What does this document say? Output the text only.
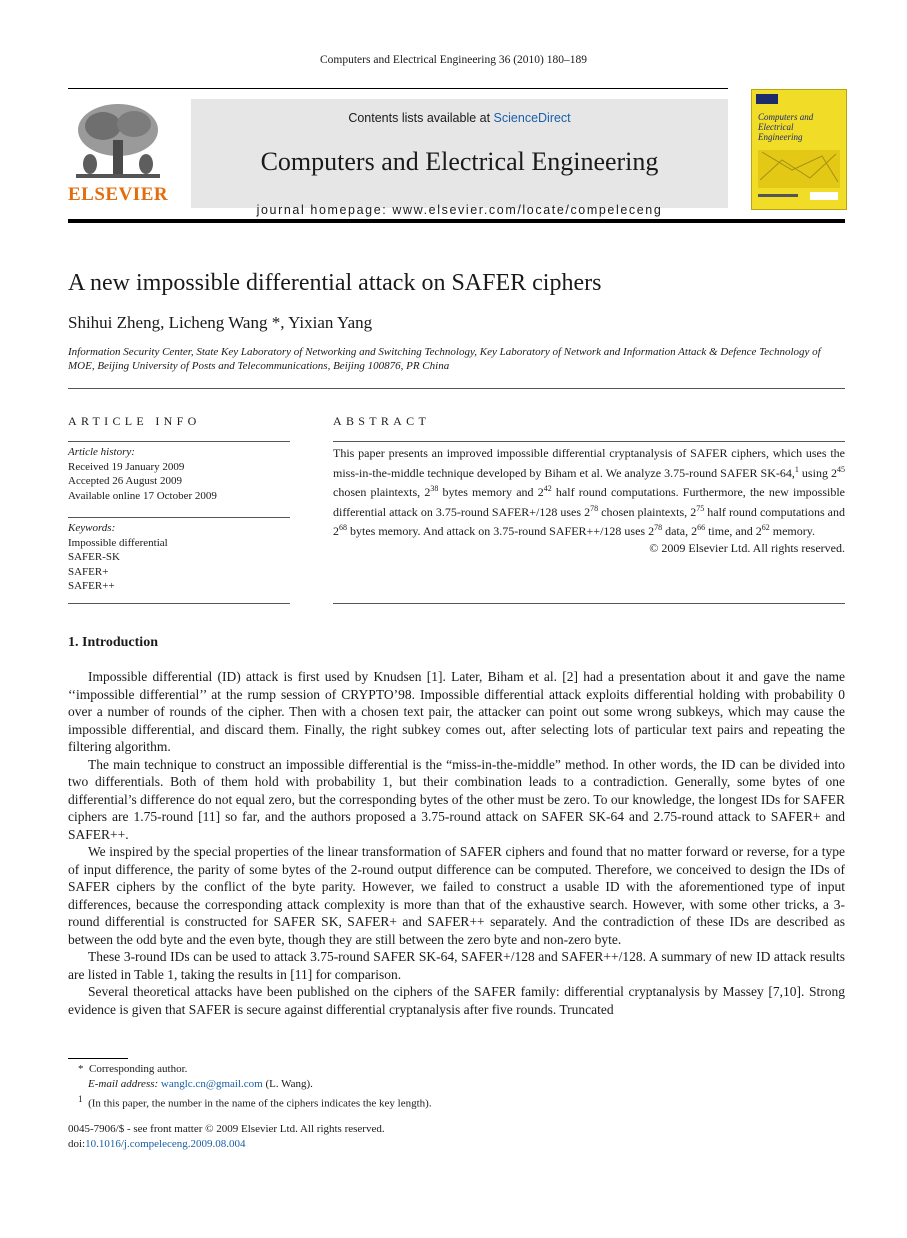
Computers and Electrical Engineering 36 (2010) 180–189
ELSEVIER
Contents lists available at ScienceDirect
Computers and Electrical Engineering
journal homepage: www.elsevier.com/locate/compeleceng
Computers and Electrical Engineering
A new impossible differential attack on SAFER ciphers
Shihui Zheng, Licheng Wang *, Yixian Yang
Information Security Center, State Key Laboratory of Networking and Switching Technology, Key Laboratory of Network and Information Attack & Defence Technology of MOE, Beijing University of Posts and Telecommunications, Beijing 100876, PR China
ARTICLE INFO
Article history:
Received 19 January 2009
Accepted 26 August 2009
Available online 17 October 2009
Keywords:
Impossible differential
SAFER-SK
SAFER+
SAFER++
ABSTRACT
This paper presents an improved impossible differential cryptanalysis of SAFER ciphers, which uses the miss-in-the-middle technique developed by Biham et al. We analyze 3.75-round SAFER SK-64,$^1$ using $2^{45}$ chosen plaintexts, $2^{38}$ bytes memory and $2^{42}$ half round computations. Furthermore, the new impossible differential attack on 3.75-round SAFER+/128 uses $2^{78}$ chosen plaintexts, $2^{75}$ half round computations and $2^{68}$ bytes memory. And attack on 3.75-round SAFER++/128 uses $2^{78}$ data, $2^{66}$ time, and $2^{62}$ memory.
© 2009 Elsevier Ltd. All rights reserved.
1. Introduction

Impossible differential (ID) attack is first used by Knudsen [1]. Later, Biham et al. [2] had a presentation about it and gave the name ‘‘impossible differential’’ at the rump session of CRYPTO’98. Impossible differential attack exploits differential holding with probability 0 over a number of rounds of the cipher. Then with a chosen text pair, the attacker can point out some wrong subkeys, which may cause the impossible differential, and discard them. Finally, the right subkey comes out, after selecting lots of particular text pairs and repeating the filtering algorithm.

The main technique to construct an impossible differential is the “miss-in-the-middle” method. In other words, the ID can be divided into two differentials. Both of them hold with probability 1, but their combination leads to a contradiction. Generally, some bytes of one differential’s difference do not equal zero, but the corresponding bytes of the other must be zero. To our knowledge, the longest IDs for SAFER ciphers are 1.75-round [11] so far, and the authors proposed a 3.75-round attack on SAFER SK-64 and 2.75-round attack to SAFER+ and SAFER++.

We inspired by the special properties of the linear transformation of SAFER ciphers and found that no matter forward or reverse, for a type of input difference, the parity of some bytes of the 2-round output difference can be computed. Therefore, we conceived to design the IDs of SAFER ciphers by the conflict of the byte parity. However, we failed to construct a usable ID with the aforementioned type of input differences, because the corresponding attack complexity is more than that of the exhaustive search. However, with some other tricks, a 3-round differential is constructed for SAFER SK, SAFER+ and SAFER++ separately. And the contradiction of these IDs are described as between the odd byte and the even byte, though they are still between the zero byte and non-zero byte.

These 3-round IDs can be used to attack 3.75-round SAFER SK-64, SAFER+/128 and SAFER++/128. A summary of new ID attack results are listed in Table 1, taking the results in [11] for comparison.

Several theoretical attacks have been published on the ciphers of the SAFER family: differential cryptanalysis by Massey [7,10]. Strong evidence is given that SAFER is secure against differential cryptanalysis after five rounds. Truncated

*  Corresponding author.
E-mail address: wanglc.cn@gmail.com (L. Wang).
$^1$ (In this paper, the number in the name of the ciphers indicates the key length).
0045-7906/$ - see front matter © 2009 Elsevier Ltd. All rights reserved.
doi:10.1016/j.compeleceng.2009.08.004
